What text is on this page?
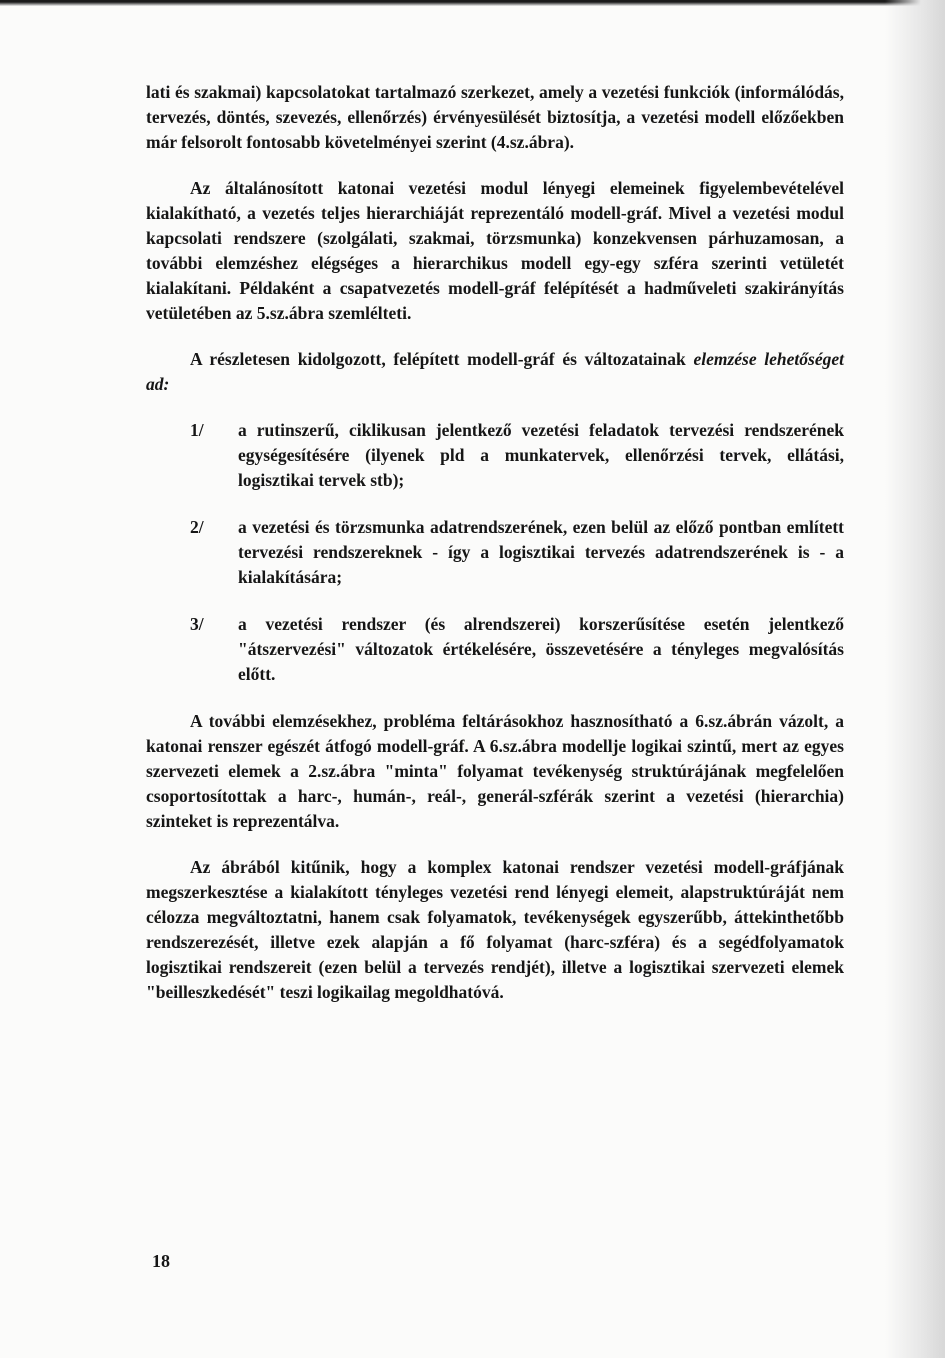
lati és szakmai) kapcsolatokat tartalmazó szerkezet, amely a vezetési funkciók (informálódás, tervezés, döntés, szevezés, ellenőrzés) érvényesülését biztosítja, a vezetési modell előzőekben már felsorolt fontosabb követelményei szerint (4.sz.ábra).

Az általánosított katonai vezetési modul lényegi elemeinek figyelembevételével kialakítható, a vezetés teljes hierarchiáját reprezentáló modell-gráf. Mivel a vezetési modul kapcsolati rendszere (szolgálati, szakmai, törzsmunka) konzekvensen párhuzamosan, a további elemzéshez elégséges a hierarchikus modell egy-egy szféra szerinti vetületét kialakítani. Példaként a csapatvezetés modell-gráf felépítését a hadműveleti szakirányítás vetületében az 5.sz.ábra szemlélteti.

A részletesen kidolgozott, felépített modell-gráf és változatainak elemzése lehetőséget ad:

1/	a rutinszerű, ciklikusan jelentkező vezetési feladatok tervezési rendszerének egységesítésére (ilyenek pld a munkatervek, ellenőrzési tervek, ellátási, logisztikai tervek stb);
2/	a vezetési és törzsmunka adatrendszerének, ezen belül az előző pontban említett tervezési rendszereknek - így a logisztikai tervezés adatrendszerének is - a kialakítására;
3/	a vezetési rendszer (és alrendszerei) korszerűsítése esetén jelentkező "átszervezési" változatok értékelésére, összevetésére a tényleges megvalósítás előtt.

A további elemzésekhez, probléma feltárásokhoz hasznosítható a 6.sz.ábrán vázolt, a katonai renszer egészét átfogó modell-gráf. A 6.sz.ábra modellje logikai szintű, mert az egyes szervezeti elemek a 2.sz.ábra "minta" folyamat tevékenység struktúrájának megfelelően csoportosítottak a harc-, humán-, reál-, generál-szférák szerint a vezetési (hierarchia) szinteket is reprezentálva.

Az ábrából kitűnik, hogy a komplex katonai rendszer vezetési modell-gráfjának megszerkesztése a kialakított tényleges vezetési rend lényegi elemeit, alapstruktúráját nem célozza megváltoztatni, hanem csak folyamatok, tevékenységek egyszerűbb, áttekinthetőbb rendszerezését, illetve ezek alapján a fő folyamat (harc-szféra) és a segédfolyamatok logisztikai rendszereit (ezen belül a tervezés rendjét), illetve a logisztikai szervezeti elemek "beilleszkedését" teszi logikailag megoldhatóvá.

18
